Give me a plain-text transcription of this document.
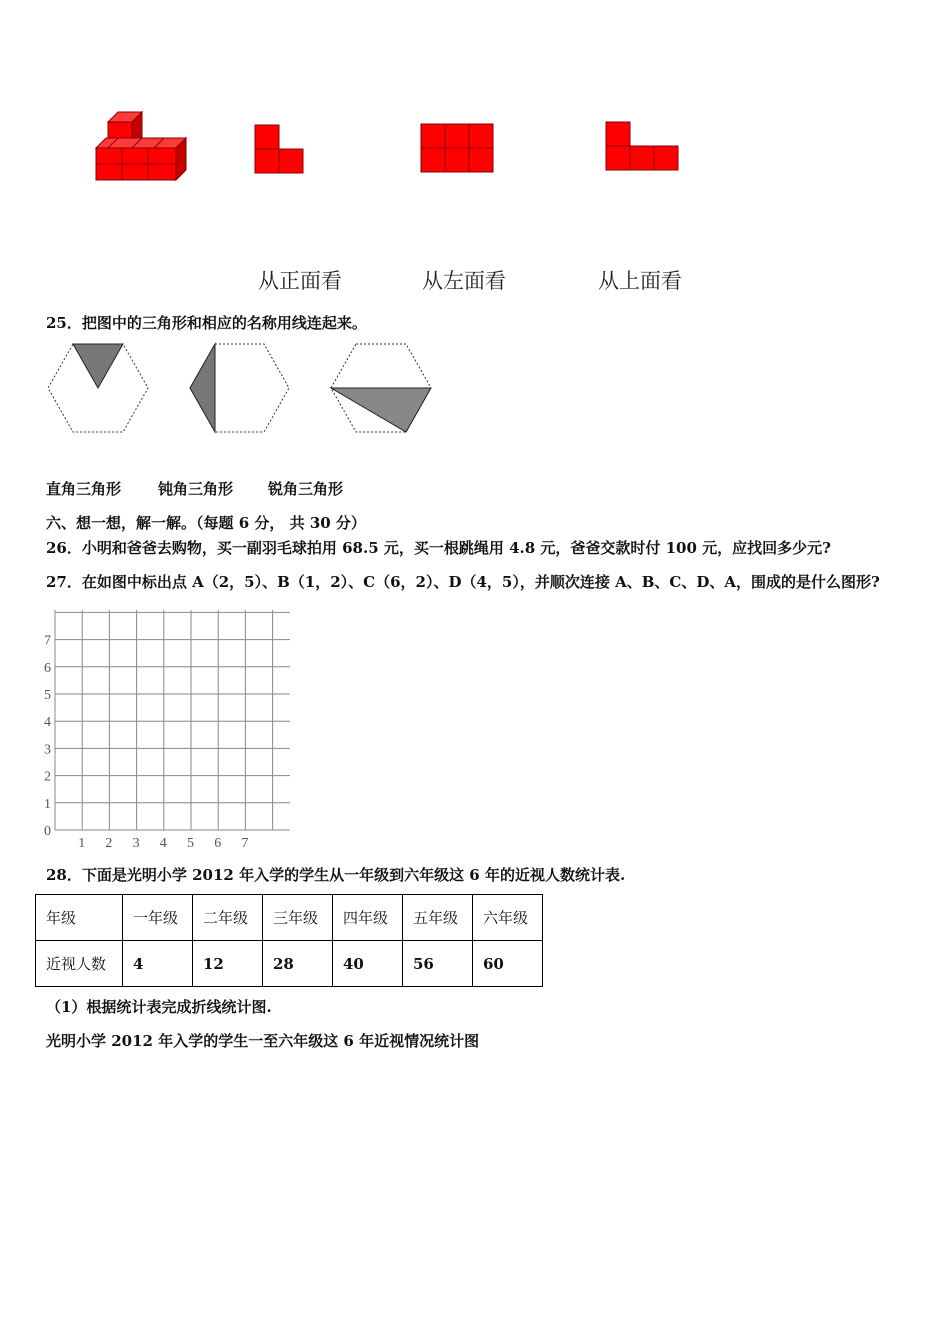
从正面看	从左面看	从上面看
25．把图中的三角形和相应的名称用线连起来。
直角三角形 钝角三角形 锐角三角形
六、想一想，解一解。（每题 6 分， 共 30 分）
26．小明和爸爸去购物，买一副羽毛球拍用 68.5 元，买一根跳绳用 4.8 元，爸爸交款时付 100 元，应找回多少元?
27．在如图中标出点 A（2，5）、B（1，2）、C（6，2）、D（4，5），并顺次连接 A、B、C、D、A，围成的是什么图形?
1 2 3 4 5 6 7
0
1
2
3
4
5
6
7
28．下面是光明小学 2012 年入学的学生从一年级到六年级这 6 年的近视人数统计表.
年级	一年级	二年级	三年级	四年级	五年级	六年级
近视人数	4	12	28	40	56	60
（1）根据统计表完成折线统计图.
光明小学 2012 年入学的学生一至六年级这 6 年近视情况统计图
